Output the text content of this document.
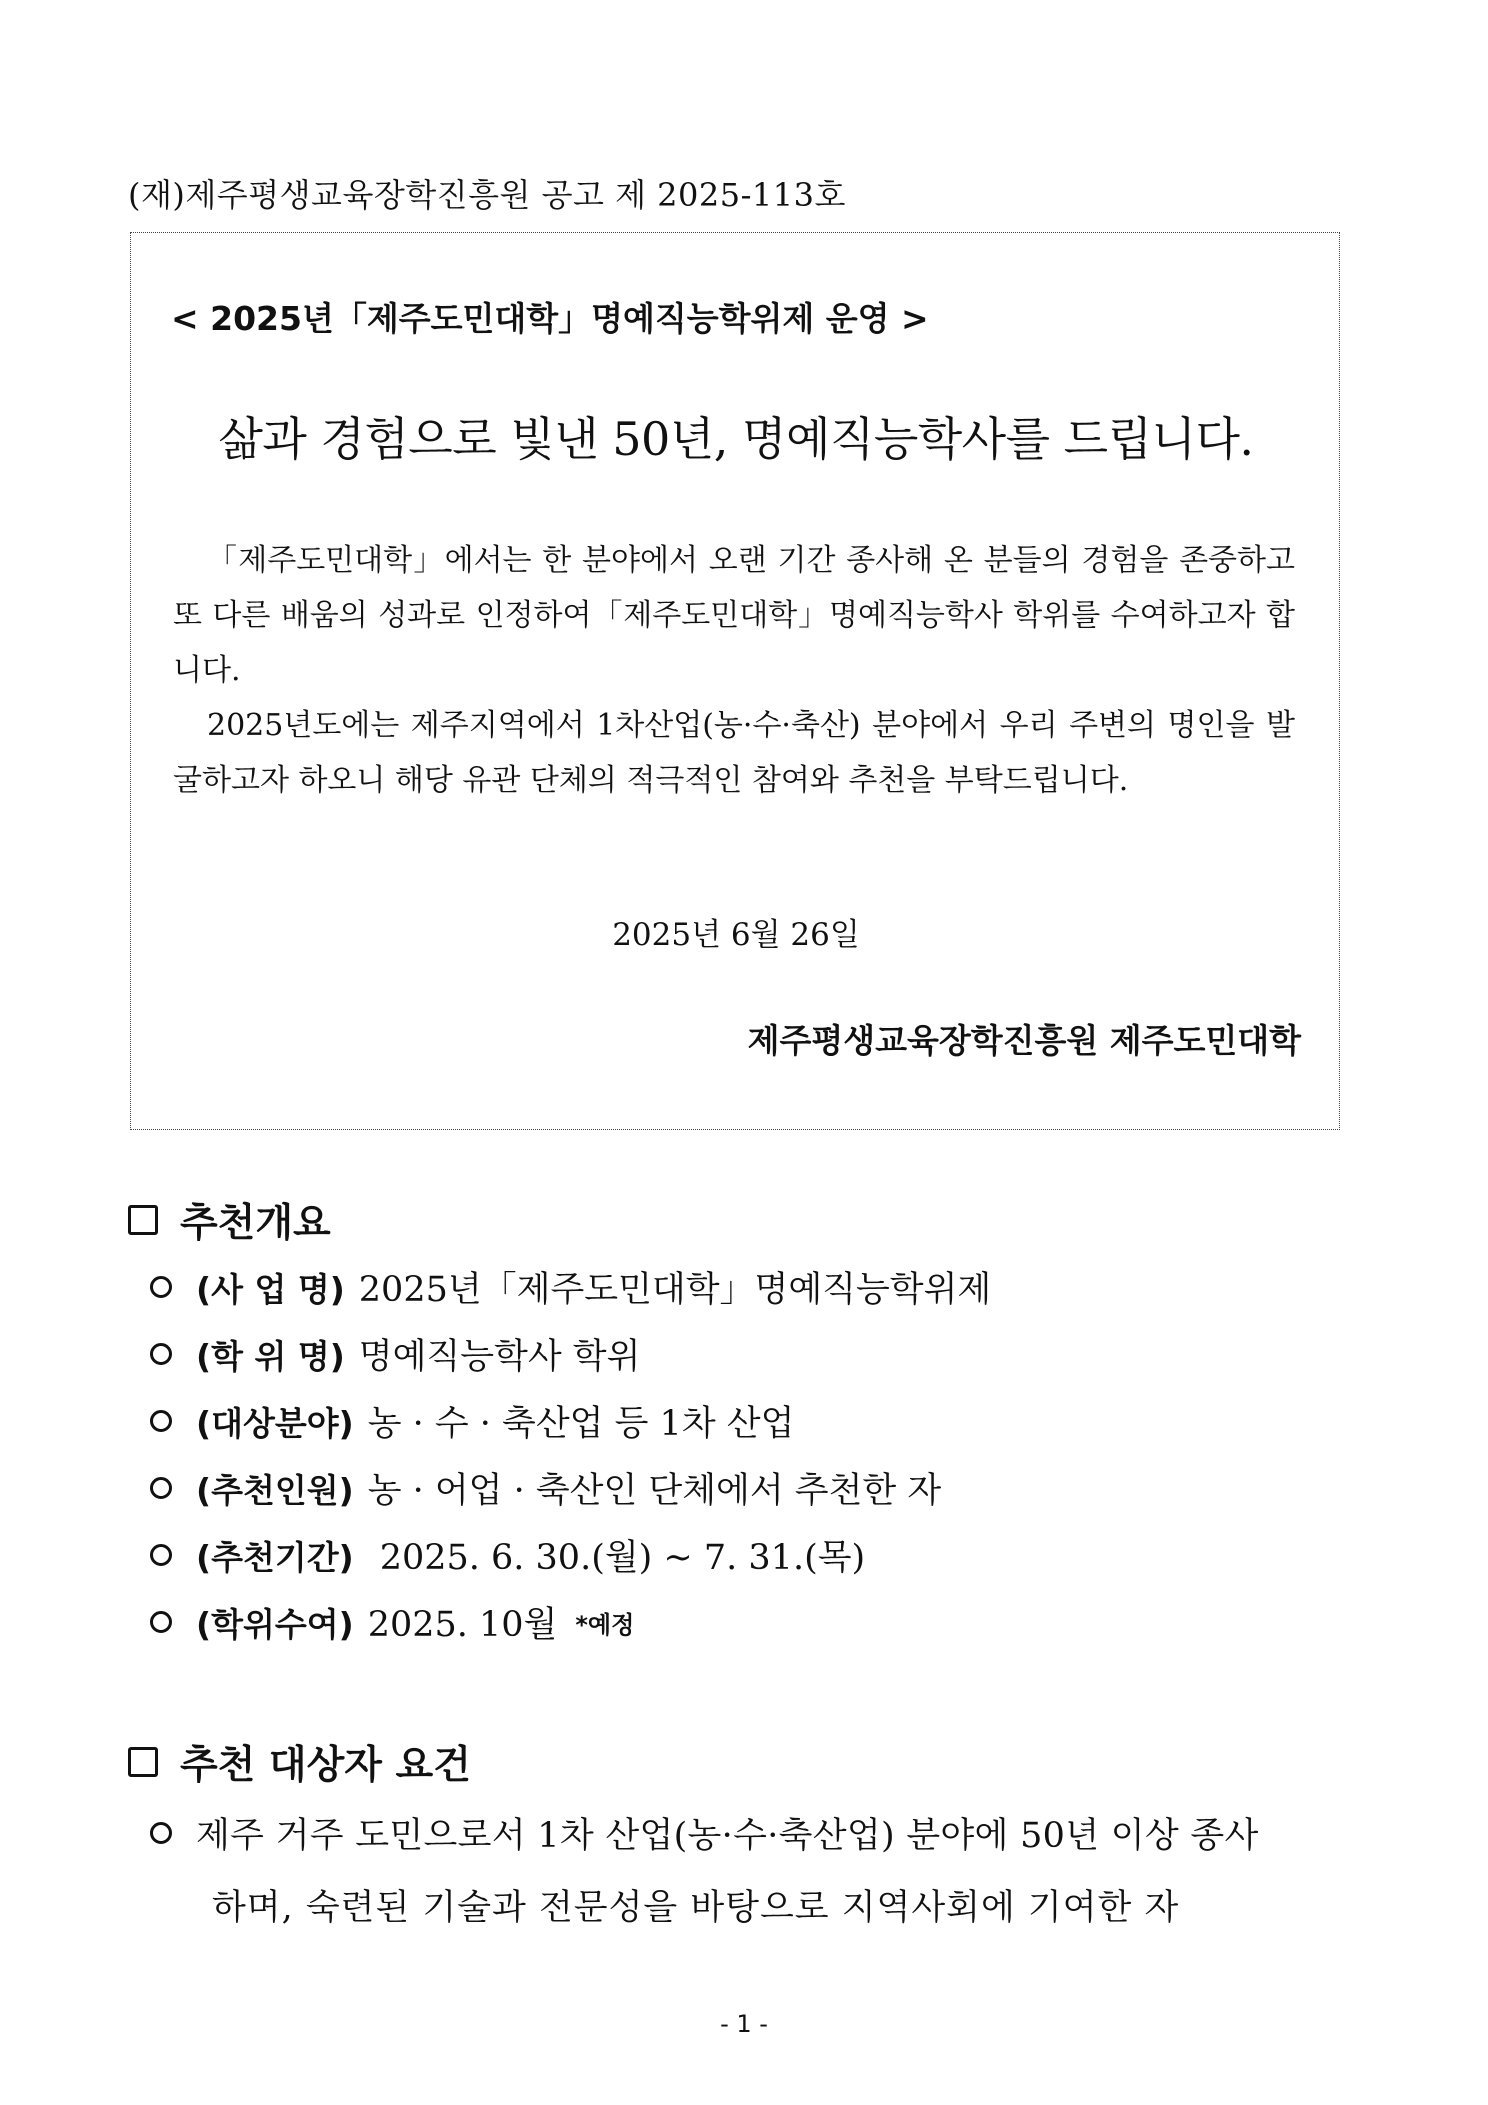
(재)제주평생교육장학진흥원 공고 제 2025-113호
< 2025년「제주도민대학」명예직능학위제 운영 >
삶과 경험으로 빛낸 50년, 명예직능학사를 드립니다.

「제주도민대학」에서는 한 분야에서 오랜 기간 종사해 온 분들의 경험을 존중하고 또 다른 배움의 성과로 인정하여「제주도민대학」명예직능학사 학위를 수여하고자 합니다.

2025년도에는 제주지역에서 1차산업(농·수·축산) 분야에서 우리 주변의 명인을 발굴하고자 하오니 해당 유관 단체의 적극적인 참여와 추천을 부탁드립니다.

2025년 6월 26일
제주평생교육장학진흥원 제주도민대학
추천개요
(사 업 명) 2025년「제주도민대학」명예직능학위제
(학 위 명) 명예직능학사 학위
(대상분야) 농 · 수 · 축산업 등 1차 산업
(추천인원) 농 · 어업 · 축산인 단체에서 추천한 자
(추천기간) 2025. 6. 30.(월) ~ 7. 31.(목)
(학위수여) 2025. 10월 *예정
추천 대상자 요건
제주 거주 도민으로서 1차 산업(농·수·축산업) 분야에 50년 이상 종사
하며, 숙련된 기술과 전문성을 바탕으로 지역사회에 기여한 자
- 1 -
